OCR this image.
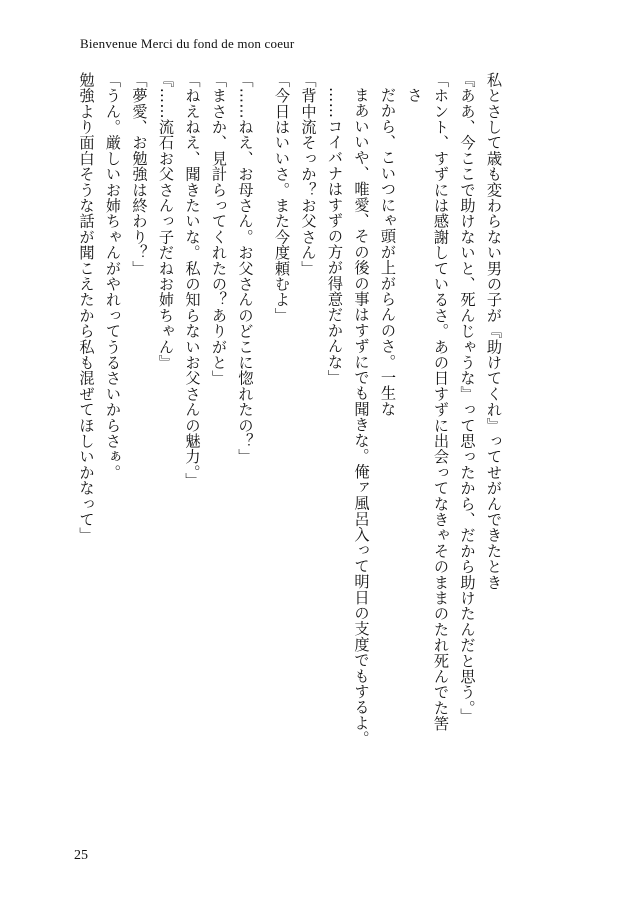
Bienvenue Merci du fond de mon coeur
私とさして歳も変わらない男の子が『助けてくれ』ってせがんできたとき
『ああ、今ここで助けないと、死んじゃうな』って思ったから、だから助けたんだと思う。」
「ホント、すずには感謝しているさ。あの日すずに出会ってなきゃそのままのたれ死んでた筈
さ
だから、こいつにゃ頭が上がらんのさ。一生な
まあいいや、唯愛、その後の事はすずにでも聞きな。俺ァ風呂入って明日の支度でもするよ。
……コイバナはすずの方が得意だかんな」
「背中流そっか？お父さん」
「今日はいいさ。また今度頼むよ」
「……ねえ、お母さん。お父さんのどこに惚れたの？」
「まさか、見計らってくれたの？ありがと」
「ねえねえ、聞きたいな。私の知らないお父さんの魅力。」
『……流石お父さんっ子だねお姉ちゃん』
「夢愛、お勉強は終わり？」
「うん。厳しいお姉ちゃんがやれってうるさいからさぁ。
勉強より面白そうな話が聞こえたから私も混ぜてほしいかなって」
25
